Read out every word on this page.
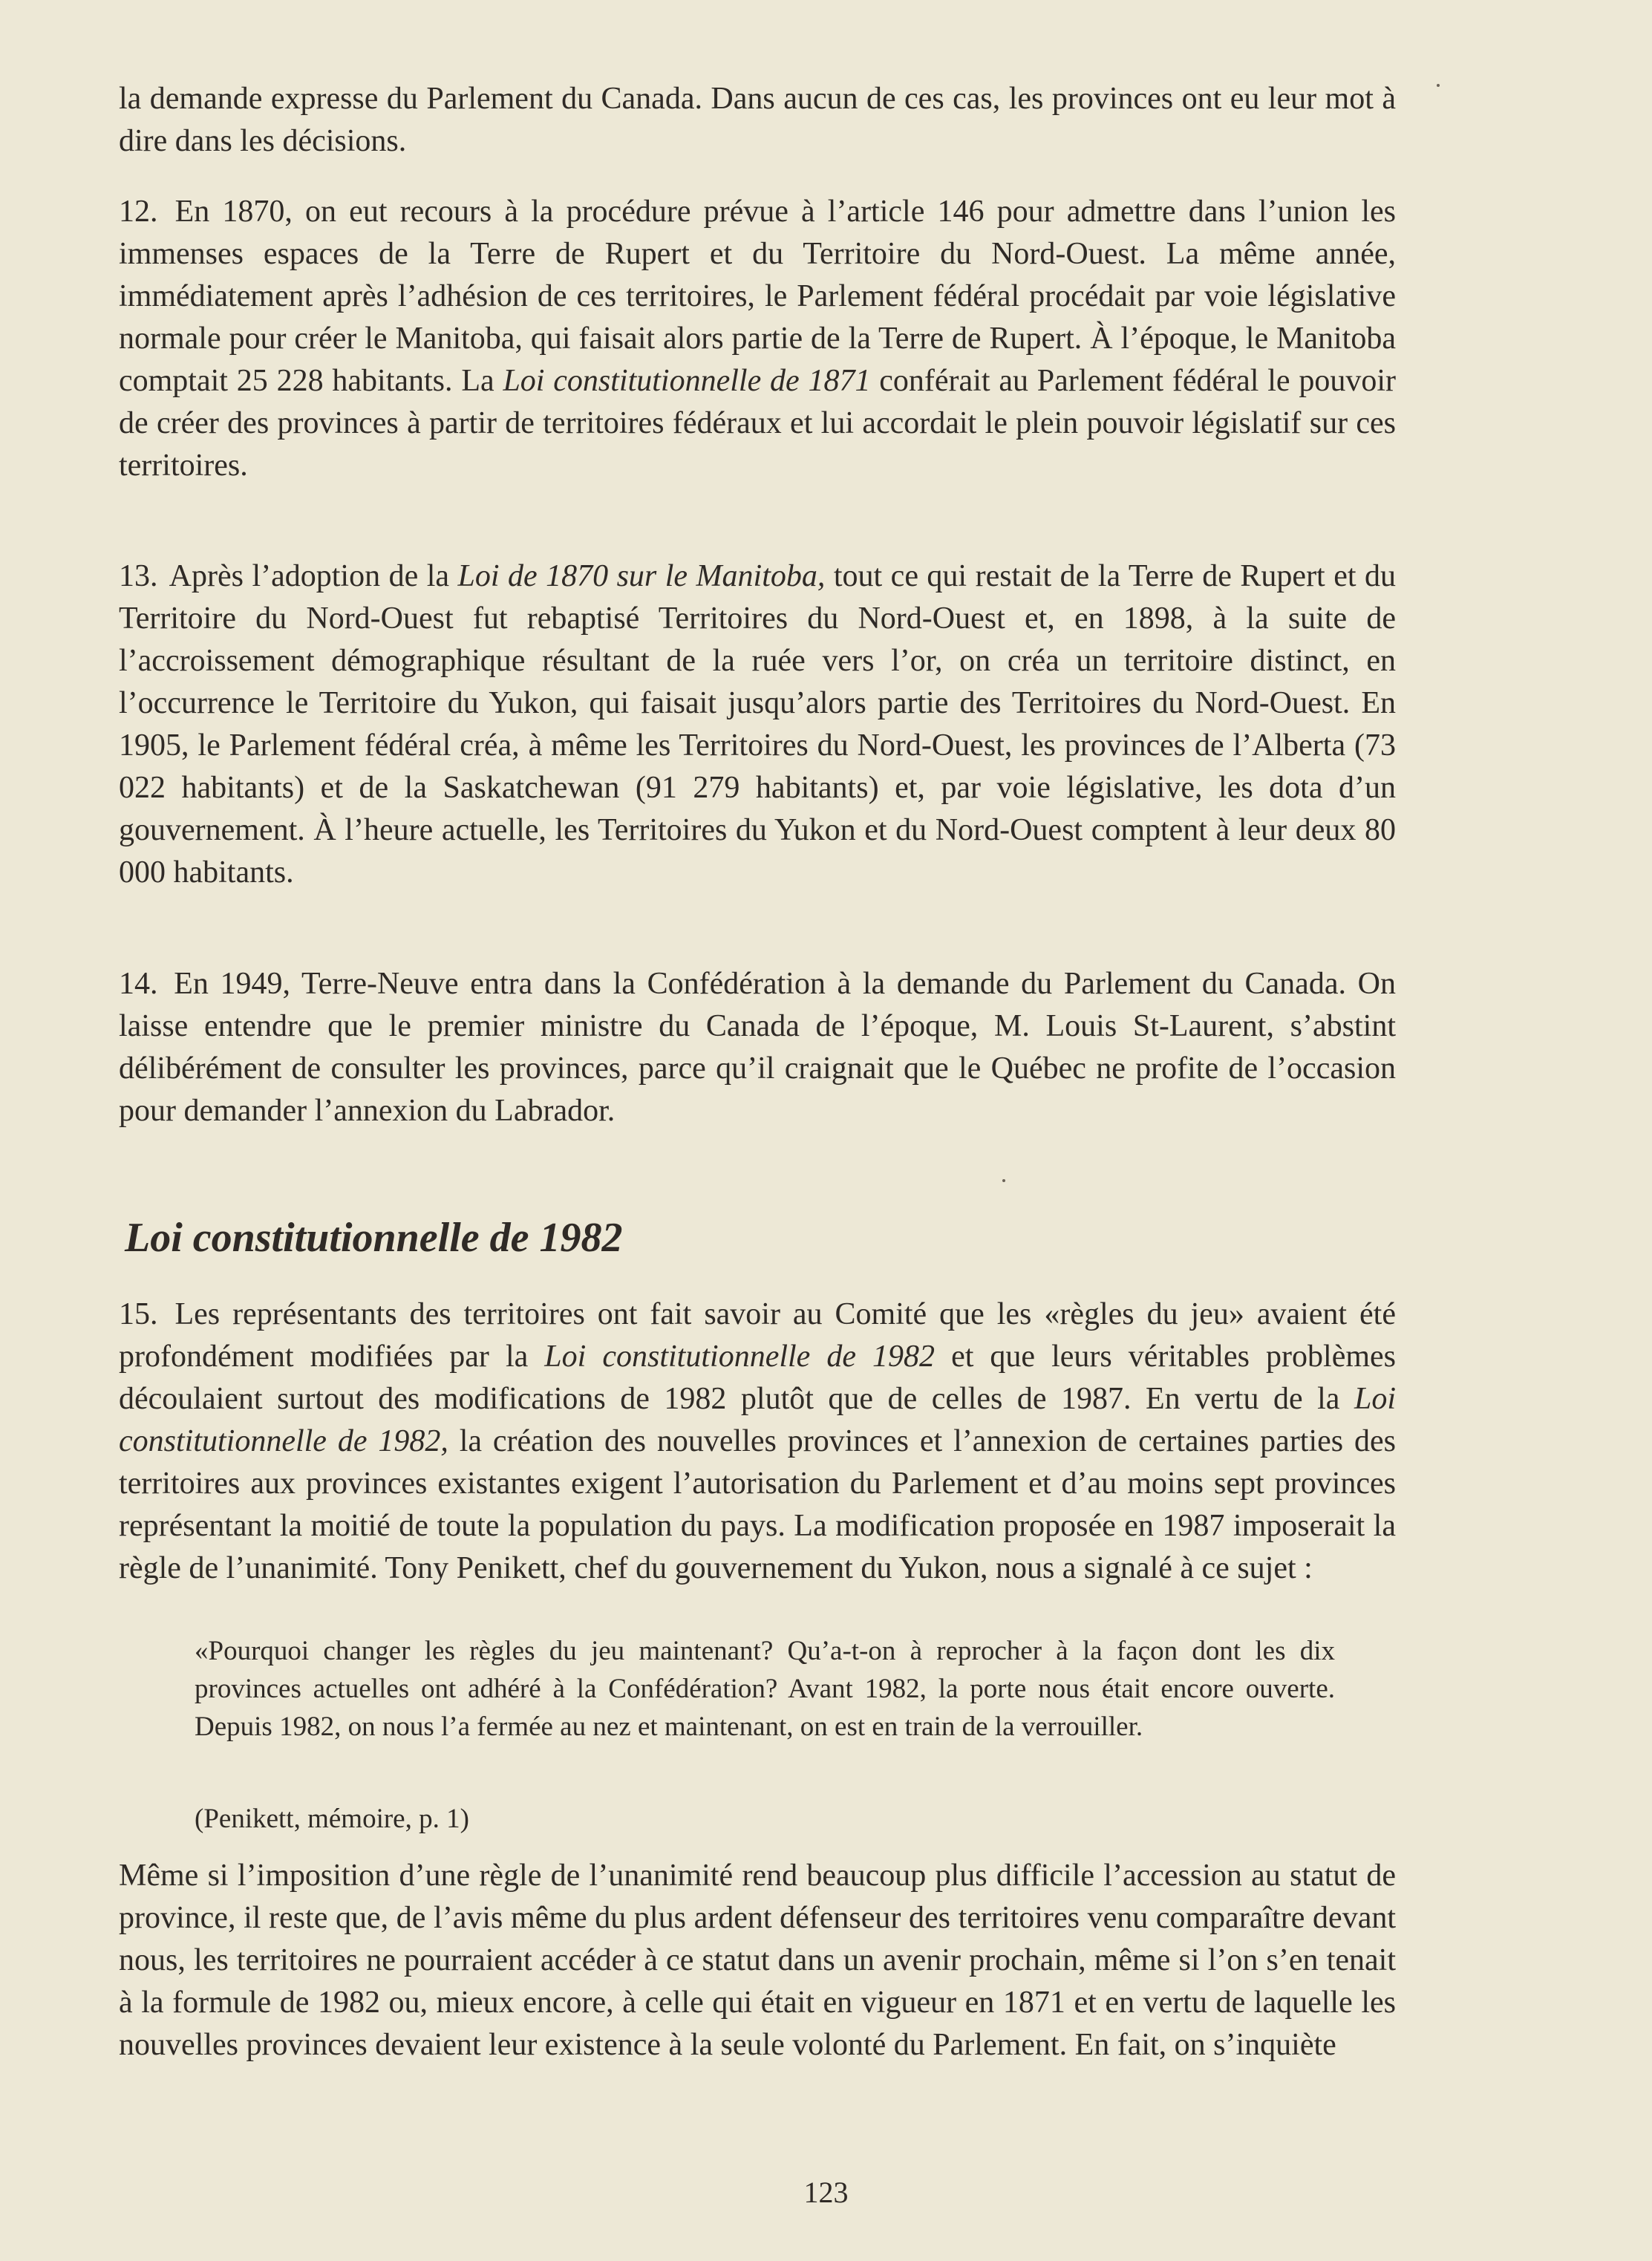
la demande expresse du Parlement du Canada. Dans aucun de ces cas, les provinces ont eu leur mot à dire dans les décisions.

12. En 1870, on eut recours à la procédure prévue à l’article 146 pour admettre dans l’union les immenses espaces de la Terre de Rupert et du Territoire du Nord-Ouest. La même année, immédiatement après l’adhésion de ces territoires, le Parlement fédéral procédait par voie législative normale pour créer le Manitoba, qui faisait alors partie de la Terre de Rupert. À l’époque, le Manitoba comptait 25 228 habitants. La Loi constitutionnelle de 1871 conférait au Parlement fédéral le pouvoir de créer des provinces à partir de territoires fédéraux et lui accordait le plein pouvoir législatif sur ces territoires.

13. Après l’adoption de la Loi de 1870 sur le Manitoba, tout ce qui restait de la Terre de Rupert et du Territoire du Nord-Ouest fut rebaptisé Territoires du Nord-Ouest et, en 1898, à la suite de l’accroissement démographique résultant de la ruée vers l’or, on créa un territoire distinct, en l’occurrence le Territoire du Yukon, qui faisait jusqu’alors partie des Territoires du Nord-Ouest. En 1905, le Parlement fédéral créa, à même les Territoires du Nord-Ouest, les provinces de l’Alberta (73 022 habitants) et de la Saskatchewan (91 279 habitants) et, par voie législative, les dota d’un gouvernement. À l’heure actuelle, les Territoires du Yukon et du Nord-Ouest comptent à leur deux 80 000 habitants.

14. En 1949, Terre-Neuve entra dans la Confédération à la demande du Parlement du Canada. On laisse entendre que le premier ministre du Canada de l’époque, M. Louis St-Laurent, s’abstint délibérément de consulter les provinces, parce qu’il craignait que le Québec ne profite de l’occasion pour demander l’annexion du Labrador.

Loi constitutionnelle de 1982

15. Les représentants des territoires ont fait savoir au Comité que les «règles du jeu» avaient été profondément modifiées par la Loi constitutionnelle de 1982 et que leurs véritables problèmes découlaient surtout des modifications de 1982 plutôt que de celles de 1987. En vertu de la Loi constitutionnelle de 1982, la création des nouvelles provinces et l’annexion de certaines parties des territoires aux provinces existantes exigent l’autorisation du Parlement et d’au moins sept provinces représentant la moitié de toute la population du pays. La modification proposée en 1987 imposerait la règle de l’unanimité. Tony Penikett, chef du gouvernement du Yukon, nous a signalé à ce sujet :

«Pourquoi changer les règles du jeu maintenant? Qu’a-t-on à reprocher à la façon dont les dix provinces actuelles ont adhéré à la Confédération? Avant 1982, la porte nous était encore ouverte. Depuis 1982, on nous l’a fermée au nez et maintenant, on est en train de la verrouiller.

(Penikett, mémoire, p. 1)

Même si l’imposition d’une règle de l’unanimité rend beaucoup plus difficile l’accession au statut de province, il reste que, de l’avis même du plus ardent défenseur des territoires venu comparaître devant nous, les territoires ne pourraient accéder à ce statut dans un avenir prochain, même si l’on s’en tenait à la formule de 1982 ou, mieux encore, à celle qui était en vigueur en 1871 et en vertu de laquelle les nouvelles provinces devaient leur existence à la seule volonté du Parlement. En fait, on s’inquiète

123
